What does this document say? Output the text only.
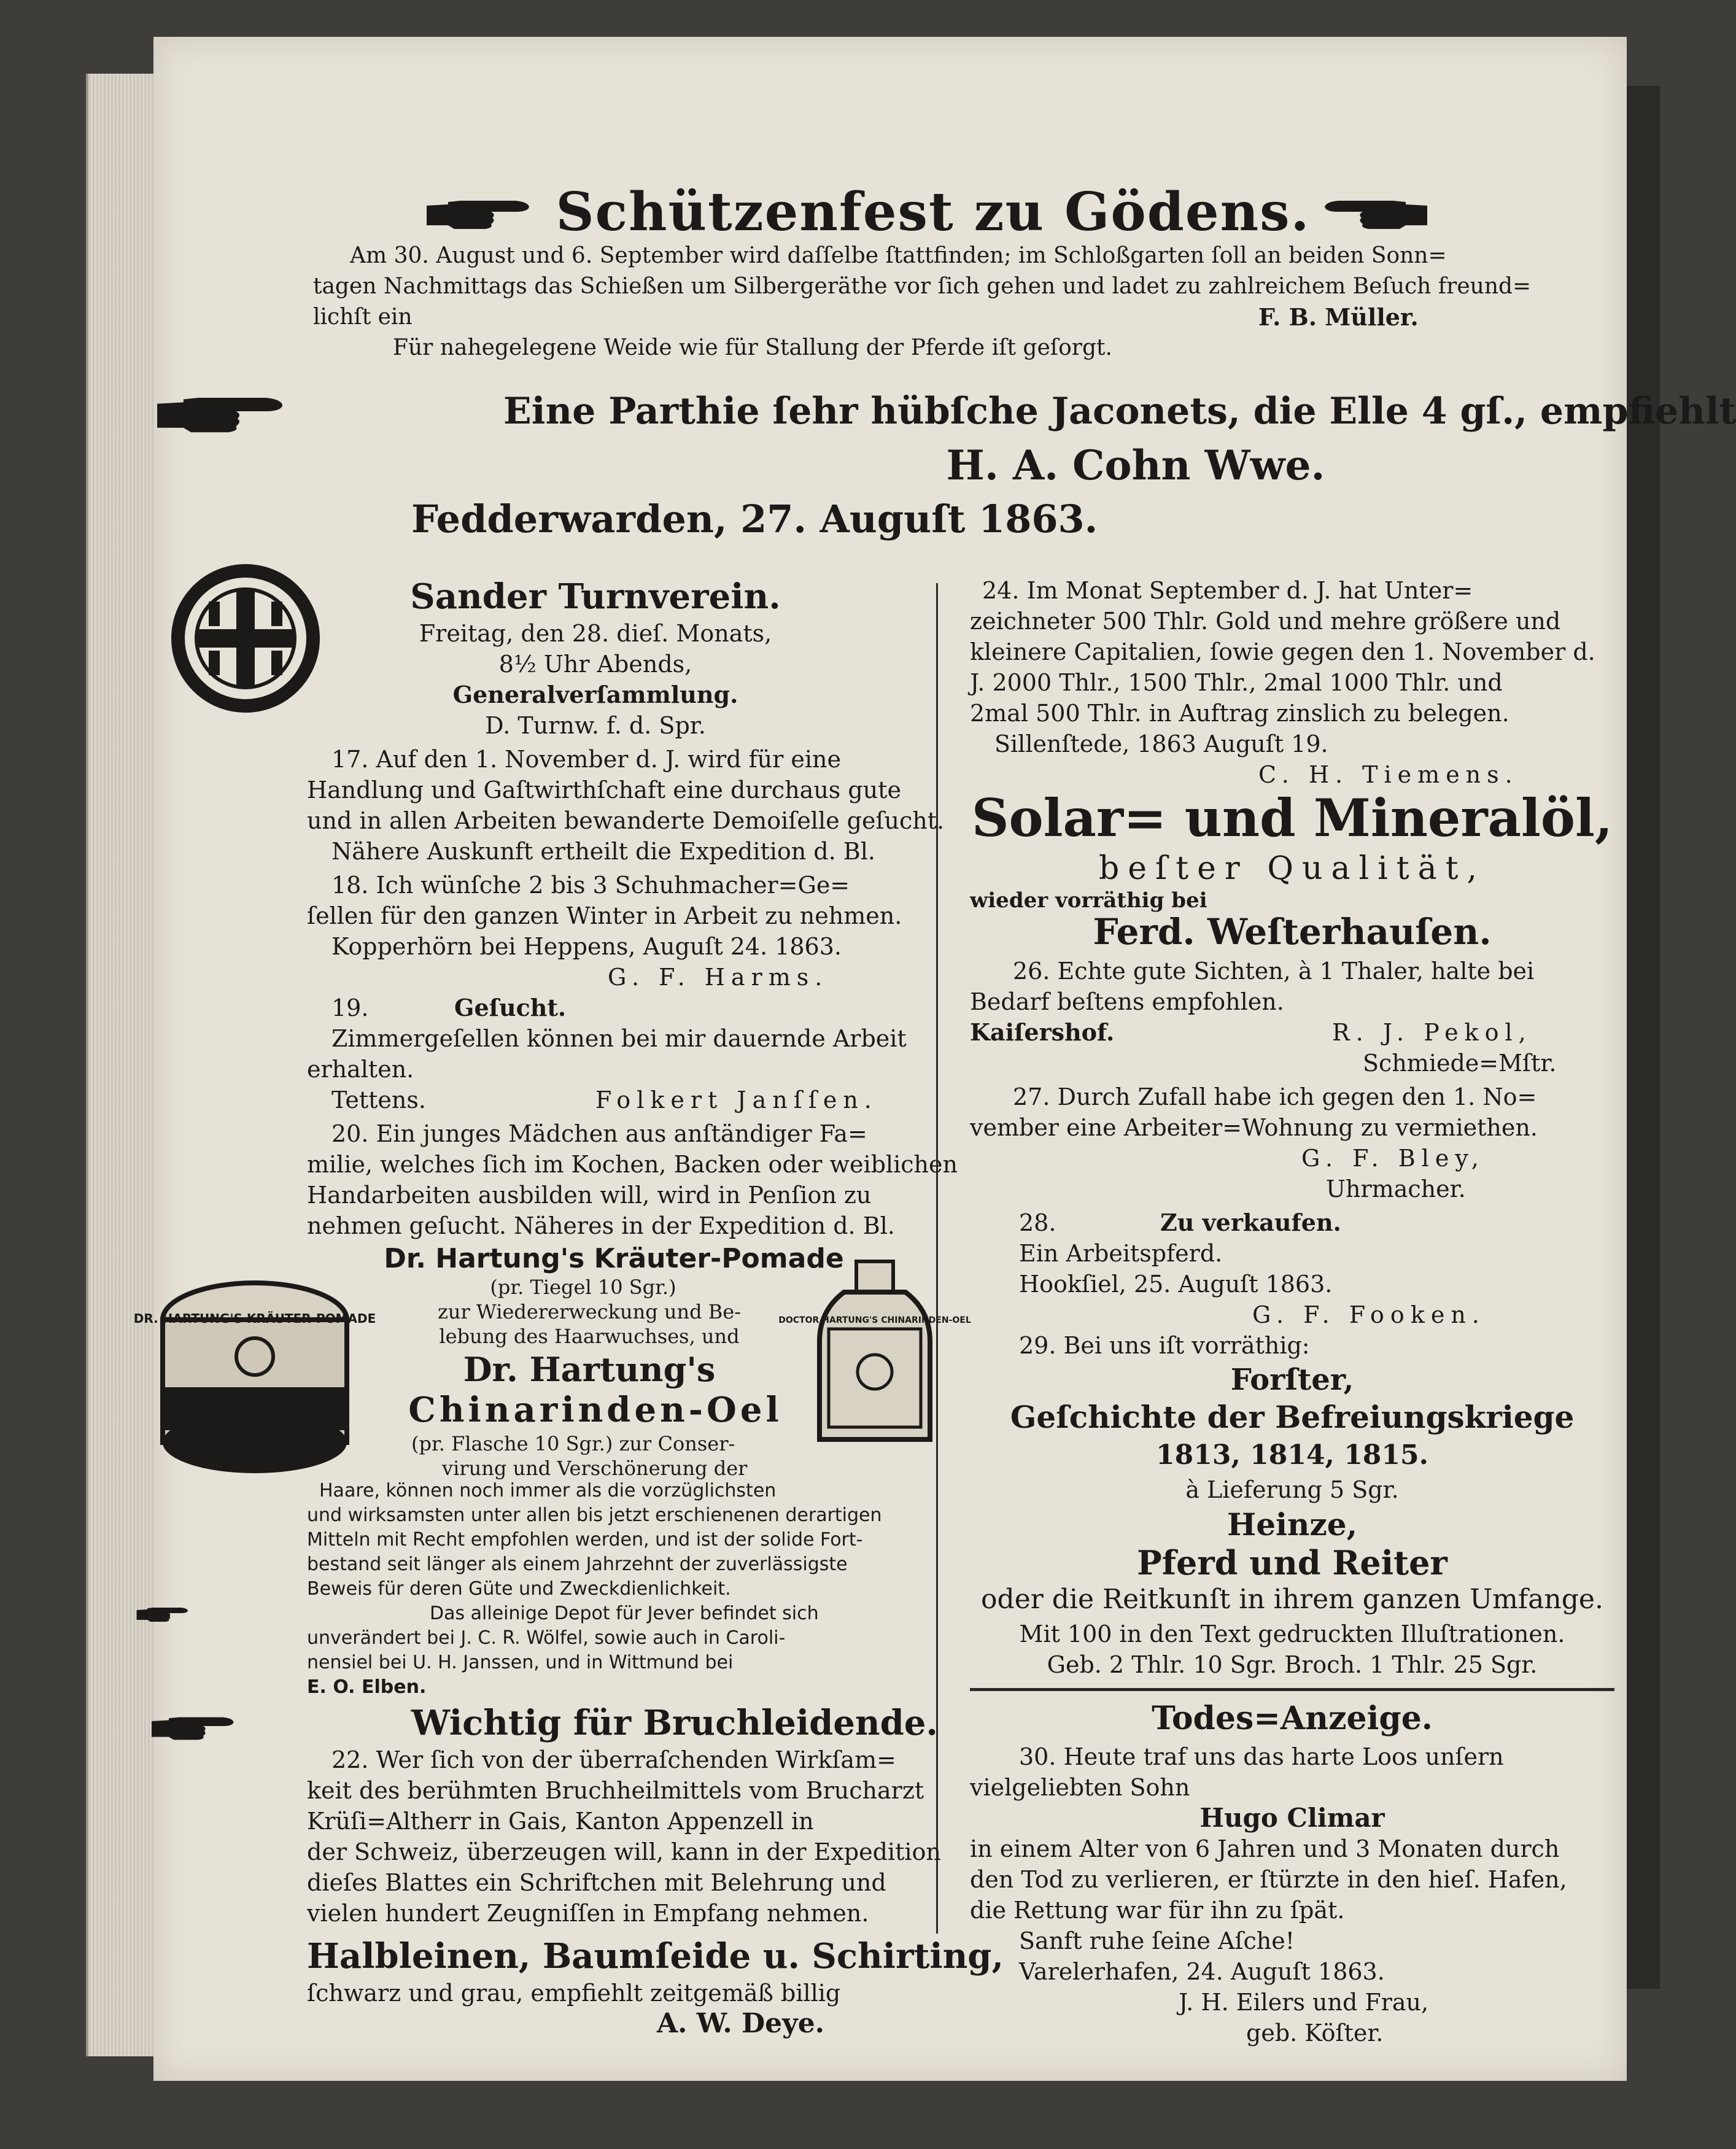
Schützenfest zu Gödens.
Am 30. August und 6. September wird daſſelbe ſtattfinden; im Schloßgarten ſoll an beiden Sonn=
tagen Nachmittags das Schießen um Silbergeräthe vor ſich gehen und ladet zu zahlreichem Beſuch freund=
lichſt ein	F. B. Müller.
Für nahegelegene Weide wie für Stallung der Pferde iſt geſorgt.
Eine Parthie ſehr hübſche Jaconets, die Elle 4 gſ., empfiehlt
H. A. Cohn Wwe.
Fedderwarden, 27. Auguſt 1863.
Sander Turnverein.
Freitag, den 28. dieſ. Monats,
8½ Uhr Abends,
Generalverſammlung.
D. Turnw. f. d. Spr.
17. Auf den 1. November d. J. wird für eine
Handlung und Gaſtwirthſchaft eine durchaus gute
und in allen Arbeiten bewanderte Demoiſelle geſucht.
Nähere Auskunft ertheilt die Expedition d. Bl.
18. Ich wünſche 2 bis 3 Schuhmacher=Ge=
ſellen für den ganzen Winter in Arbeit zu nehmen.
Kopperhörn bei Heppens, Auguſt 24. 1863.
G. F. Harms.
19.	Geſucht.
Zimmergeſellen können bei mir dauernde Arbeit
erhalten.
Tettens.	Folkert Janſſen.
20. Ein junges Mädchen aus anſtändiger Fa=
milie, welches ſich im Kochen, Backen oder weiblichen
Handarbeiten ausbilden will, wird in Penſion zu
nehmen geſucht. Näheres in der Expedition d. Bl.
Dr. Hartung's Kräuter-Pomade
DR. HARTUNG'S KRÄUTER-POMADE
(pr. Tiegel 10 Sgr.)
zur Wiedererweckung und Be-
lebung des Haarwuchses, und
Dr. Hartung's
Chinarinden-Oel
(pr. Flasche 10 Sgr.) zur Conser-
virung und Verschönerung der
DOCTOR HARTUNG'S CHINARINDEN-OEL
Haare, können noch immer als die vorzüglichsten
und wirksamsten unter allen bis jetzt erschienenen derartigen
Mitteln mit Recht empfohlen werden, und ist der solide Fort-
bestand seit länger als einem Jahrzehnt der zuverlässigste
Beweis für deren Güte und Zweckdienlichkeit.
Das alleinige Depot für Jever befindet sich
unverändert bei J. C. R. Wölfel, sowie auch in Caroli-
nensiel bei U. H. Janssen, und in Wittmund bei
E. O. Elben.
Wichtig für Bruchleidende.
22. Wer ſich von der überraſchenden Wirkſam=
keit des berühmten Bruchheilmittels vom Brucharzt
Krüſi=Altherr in Gais, Kanton Appenzell in
der Schweiz, überzeugen will, kann in der Expedition
dieſes Blattes ein Schriftchen mit Belehrung und
vielen hundert Zeugniſſen in Empfang nehmen.
Halbleinen, Baumſeide u. Schirting,
ſchwarz und grau, empfiehlt zeitgemäß billig
A. W. Deye.
24. Im Monat September d. J. hat Unter=
zeichneter 500 Thlr. Gold und mehre größere und
kleinere Capitalien, ſowie gegen den 1. November d.
J. 2000 Thlr., 1500 Thlr., 2mal 1000 Thlr. und
2mal 500 Thlr. in Auftrag zinslich zu belegen.
Sillenſtede, 1863 Auguſt 19.
C. H. Tiemens.
Solar= und Mineralöl,
beſter Qualität,
wieder vorräthig bei
Ferd. Weſterhauſen.
26. Echte gute Sichten, à 1 Thaler, halte bei
Bedarf beſtens empfohlen.
Kaiſershof.	R. J. Pekol,
Schmiede=Mſtr.
27. Durch Zufall habe ich gegen den 1. No=
vember eine Arbeiter=Wohnung zu vermiethen.
G. F. Bley,
Uhrmacher.
28.	Zu verkaufen.
Ein Arbeitspferd.
Hookſiel, 25. Auguſt 1863.
G. F. Fooken.
29. Bei uns iſt vorräthig:
Forſter,
Geſchichte der Befreiungskriege
1813, 1814, 1815.
à Lieferung 5 Sgr.
Heinze,
Pferd und Reiter
oder die Reitkunſt in ihrem ganzen Umfange.
Mit 100 in den Text gedruckten Illuſtrationen.
Geb. 2 Thlr. 10 Sgr. Broch. 1 Thlr. 25 Sgr.
Todes=Anzeige.
30. Heute traf uns das harte Loos unſern
vielgeliebten Sohn
Hugo Climar
in einem Alter von 6 Jahren und 3 Monaten durch
den Tod zu verlieren, er ſtürzte in den hieſ. Hafen,
die Rettung war für ihn zu ſpät.
Sanft ruhe ſeine Aſche!
Varelerhafen, 24. Auguſt 1863.
J. H. Eilers und Frau,
geb. Köſter.
